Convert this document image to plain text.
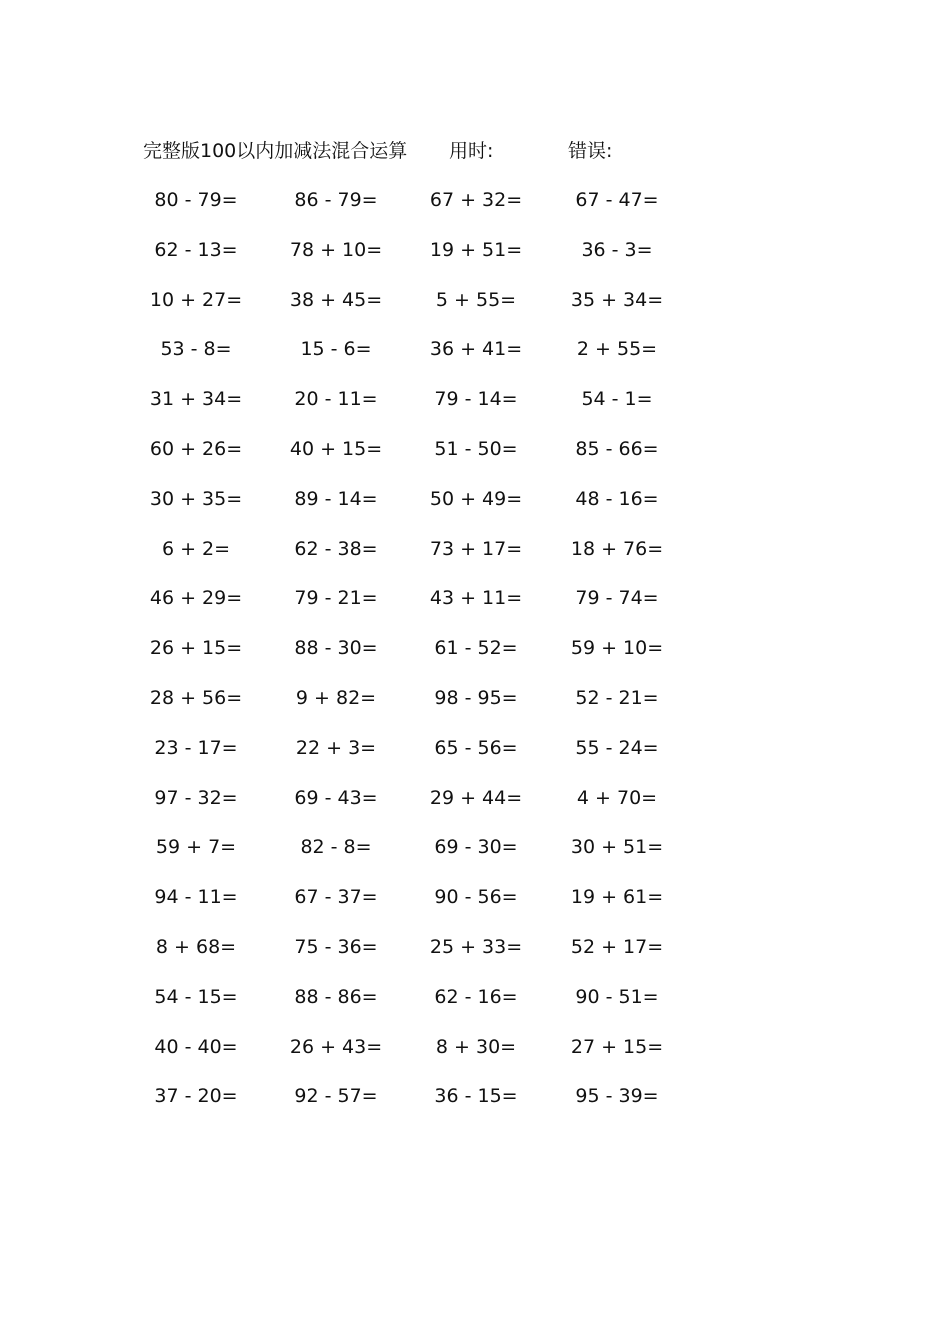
完整版100以内加减法混合运算 用时:	错误:
80 - 79=	86 - 79=	67 + 32=	67 - 47=
62 - 13=	78 + 10=	19 + 51=	36 - 3=
10 + 27=	38 + 45=	5 + 55=	35 + 34=
53 - 8=	15 - 6=	36 + 41=	2 + 55=
31 + 34=	20 - 11=	79 - 14=	54 - 1=
60 + 26=	40 + 15=	51 - 50=	85 - 66=
30 + 35=	89 - 14=	50 + 49=	48 - 16=
6 + 2=	62 - 38=	73 + 17=	18 + 76=
46 + 29=	79 - 21=	43 + 11=	79 - 74=
26 + 15=	88 - 30=	61 - 52=	59 + 10=
28 + 56=	9 + 82=	98 - 95=	52 - 21=
23 - 17=	22 + 3=	65 - 56=	55 - 24=
97 - 32=	69 - 43=	29 + 44=	4 + 70=
59 + 7=	82 - 8=	69 - 30=	30 + 51=
94 - 11=	67 - 37=	90 - 56=	19 + 61=
8 + 68=	75 - 36=	25 + 33=	52 + 17=
54 - 15=	88 - 86=	62 - 16=	90 - 51=
40 - 40=	26 + 43=	8 + 30=	27 + 15=
37 - 20=	92 - 57=	36 - 15=	95 - 39=
